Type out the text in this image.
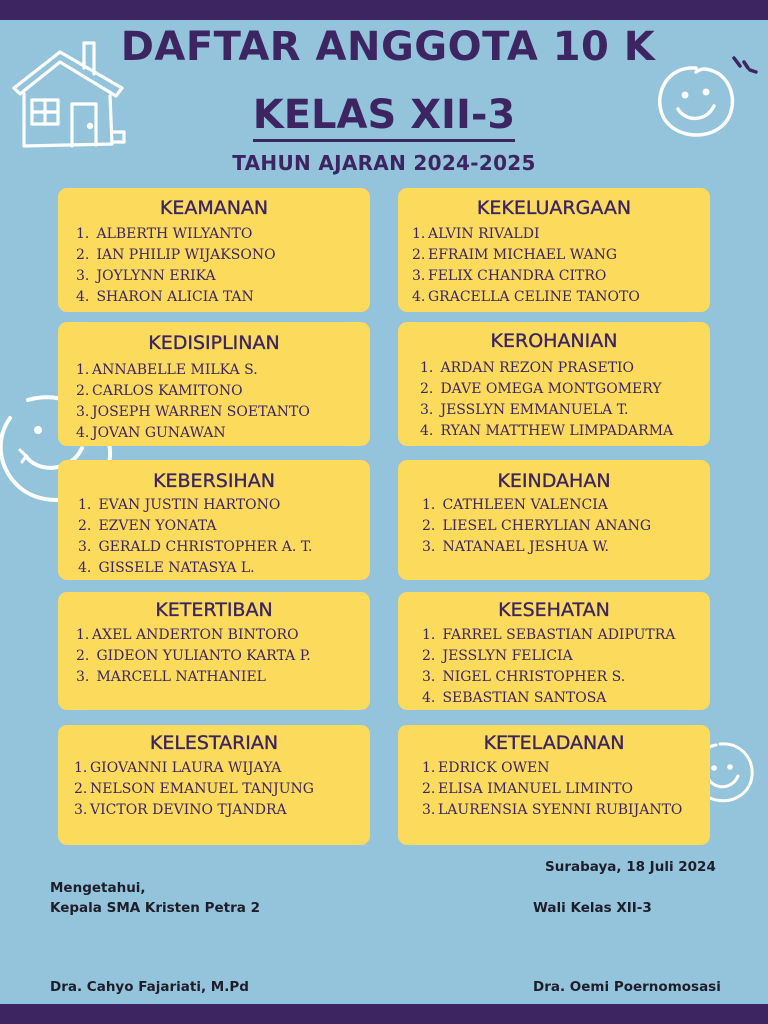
DAFTAR ANGGOTA 10 K
KELAS XII-3
TAHUN AJARAN 2024-2025
KEAMANAN
1. ALBERTH WILYANTO
2. IAN PHILIP WIJAKSONO
3. JOYLYNN ERIKA
4. SHARON ALICIA TAN
KEKELUARGAAN
1. ALVIN RIVALDI
2. EFRAIM MICHAEL WANG
3. FELIX CHANDRA CITRO
4. GRACELLA CELINE TANOTO
KEDISIPLINAN
1. ANNABELLE MILKA S.
2. CARLOS KAMITONO
3. JOSEPH WARREN SOETANTO
4. JOVAN GUNAWAN
KEROHANIAN
1. ARDAN REZON PRASETIO
2. DAVE OMEGA MONTGOMERY
3. JESSLYN EMMANUELA T.
4. RYAN MATTHEW LIMPADARMA
KEBERSIHAN
1. EVAN JUSTIN HARTONO
2. EZVEN YONATA
3. GERALD CHRISTOPHER A. T.
4. GISSELE NATASYA L.
KEINDAHAN
1. CATHLEEN VALENCIA
2. LIESEL CHERYLIAN ANANG
3. NATANAEL JESHUA W.
KETERTIBAN
1. AXEL ANDERTON BINTORO
2. GIDEON YULIANTO KARTA P.
3. MARCELL NATHANIEL
KESEHATAN
1. FARREL SEBASTIAN ADIPUTRA
2. JESSLYN FELICIA
3. NIGEL CHRISTOPHER S.
4. SEBASTIAN SANTOSA
KELESTARIAN
1. GIOVANNI LAURA WIJAYA
2. NELSON EMANUEL TANJUNG
3. VICTOR DEVINO TJANDRA
KETELADANAN
1. EDRICK OWEN
2. ELISA IMANUEL LIMINTO
3. LAURENSIA SYENNI RUBIJANTO
Surabaya, 18 Juli 2024
Mengetahui,
Kepala SMA Kristen Petra 2	Wali Kelas XII-3
Dra. Cahyo Fajariati, M.Pd	Dra. Oemi Poernomosasi
